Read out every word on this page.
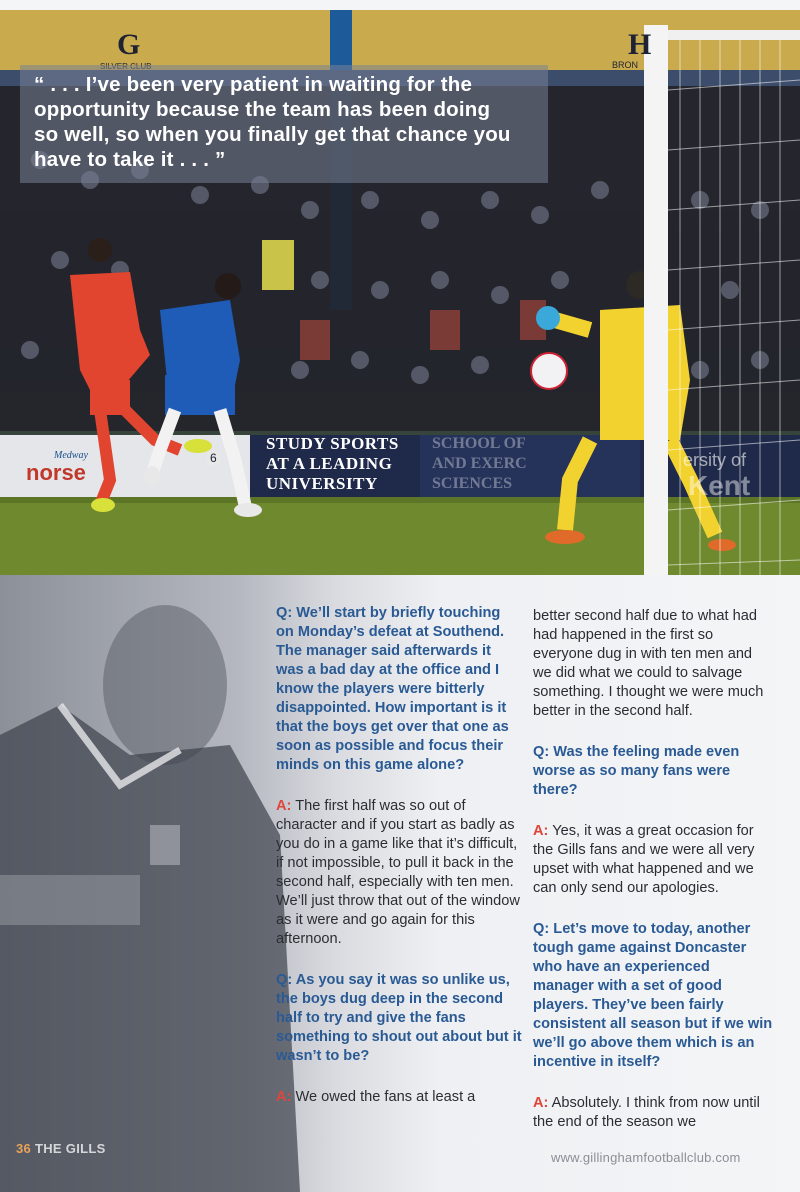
G	H
BRON
Medway
norse
6
STUDY SPORTS
AT A LEADING
UNIVERSITY
SCHOOL OF
AND EXERC
SCIENCES
ersity of
Kent
“ . . . I’ve been very patient in waiting for the opportunity because the team has been doing so well, so when you finally get that chance you have to take it . . . ”

Q: We’ll start by briefly touching on Monday’s defeat at Southend. The manager said afterwards it was a bad day at the office and I know the players were bitterly disappointed. How important is it that the boys get over that one as soon as possible and focus their minds on this game alone?

A: The first half was so out of character and if you start as badly as you do in a game like that it’s difficult, if not impossible, to pull it back in the second half, especially with ten men. We’ll just throw that out of the window as it were and go again for this afternoon.

Q: As you say it was so unlike us, the boys dug deep in the second half to try and give the fans something to shout out about but it wasn’t to be?

A: We owed the fans at least a

better second half due to what had had happened in the first so everyone dug in with ten men and we did what we could to salvage something. I thought we were much better in the second half.

Q: Was the feeling made even worse as so many fans were there?

A: Yes, it was a great occasion for the Gills fans and we were all very upset with what happened and we can only send our apologies.

Q: Let’s move to today, another tough game against Doncaster who have an experienced manager with a set of good players. They’ve been fairly consistent all season but if we win we’ll go above them which is an incentive in itself?

A: Absolutely. I think from now until the end of the season we

36 THE GILLS
www.gillinghamfootballclub.com
